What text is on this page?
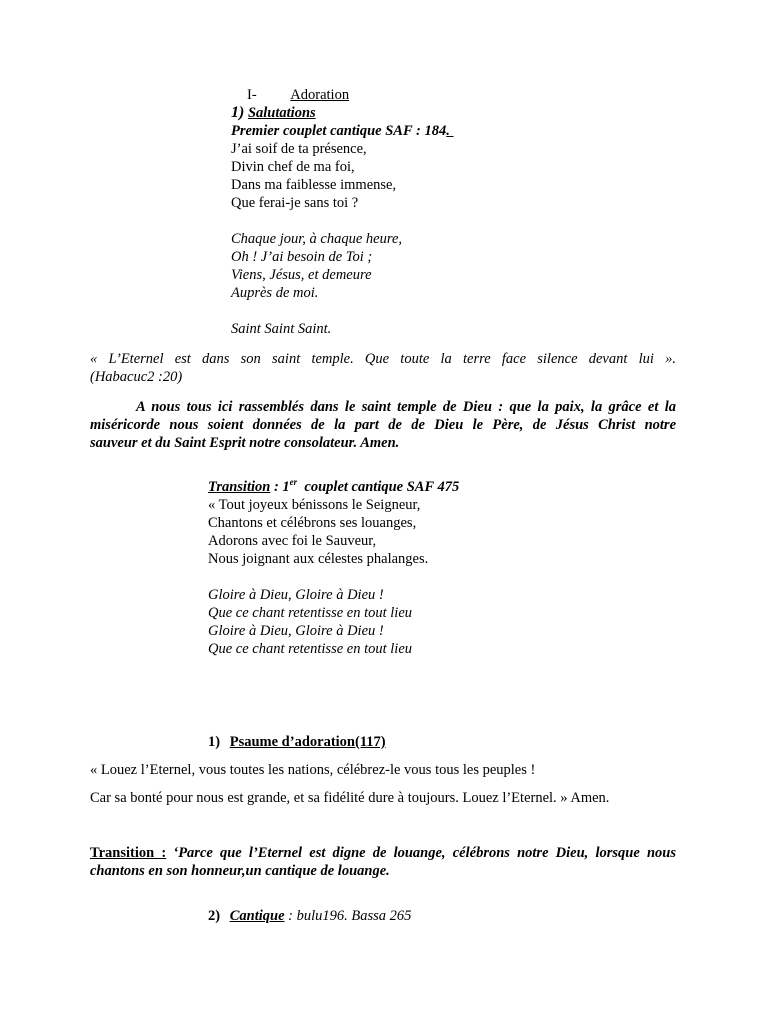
I- Adoration
1) Salutations
Premier couplet cantique SAF : 184.
J’ai soif de ta présence,
Divin chef de ma foi,
Dans ma faiblesse immense,
Que ferai-je sans toi ?
Chaque jour, à chaque heure,
Oh ! J’ai besoin de Toi ;
Viens, Jésus, et demeure
Auprès de moi.
Saint Saint Saint.
« L’Eternel est dans son saint temple. Que toute la terre face silence devant lui ».
(Habacuc2 :20)
A nous tous ici rassemblés dans le saint temple de Dieu : que la paix, la grâce et la
miséricorde nous soient données de la part de de Dieu le Père, de Jésus Christ notre
sauveur et du Saint Esprit notre consolateur. Amen.
Transition : 1er  couplet cantique SAF 475
« Tout joyeux bénissons le Seigneur,
Chantons et célébrons ses louanges,
Adorons avec foi le Sauveur,
Nous joignant aux célestes phalanges.
Gloire à Dieu, Gloire à Dieu !
Que ce chant retentisse en tout lieu
Gloire à Dieu, Gloire à Dieu !
Que ce chant retentisse en tout lieu
1) Psaume d’adoration(117)
« Louez l’Eternel, vous toutes les nations, célébrez-le vous tous les peuples !
Car sa bonté pour nous est grande, et sa fidélité dure à toujours. Louez l’Eternel. » Amen.
Transition : ‘Parce que l’Eternel est digne de louange, célébrons notre Dieu, lorsque nous
chantons en son honneur,un cantique de louange.
2) Cantique : bulu196. Bassa 265
